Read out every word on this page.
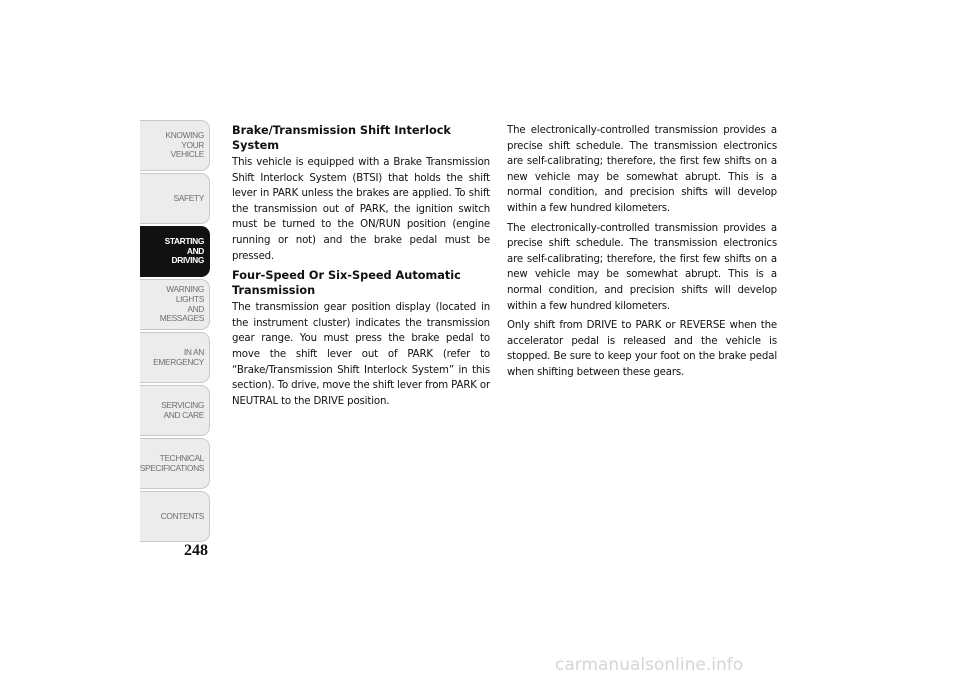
KNOWING
YOUR
VEHICLE
SAFETY
STARTING
AND
DRIVING
WARNING
LIGHTS
AND
MESSAGES
IN AN
EMERGENCY
SERVICING
AND CARE
TECHNICAL
SPECIFICATIONS
CONTENTS
248
Brake/Transmission Shift Interlock System

This vehicle is equipped with a Brake Transmission Shift Interlock System (BTSI) that holds the shift lever in PARK unless the brakes are applied. To shift the transmission out of PARK, the ignition switch must be turned to the ON/RUN position (engine running or not) and the brake pedal must be pressed.

Four-Speed Or Six-Speed Automatic Transmission

The transmission gear position display (located in the instrument cluster) indicates the transmission gear range. You must press the brake pedal to move the shift lever out of PARK (refer to “Brake/Transmission Shift Interlock System” in this section). To drive, move the shift lever from PARK or NEUTRAL to the DRIVE position.

The electronically-controlled transmission provides a precise shift schedule. The transmission electronics are self-calibrating; therefore, the first few shifts on a new vehicle may be somewhat abrupt. This is a normal condition, and precision shifts will develop within a few hundred kilometers.

The electronically-controlled transmission provides a precise shift schedule. The transmission electronics are self-calibrating; therefore, the first few shifts on a new vehicle may be somewhat abrupt. This is a normal condition, and precision shifts will develop within a few hundred kilometers.

Only shift from DRIVE to PARK or REVERSE when the accelerator pedal is released and the vehicle is stopped. Be sure to keep your foot on the brake pedal when shifting between these gears.

carmanualsonline.info
